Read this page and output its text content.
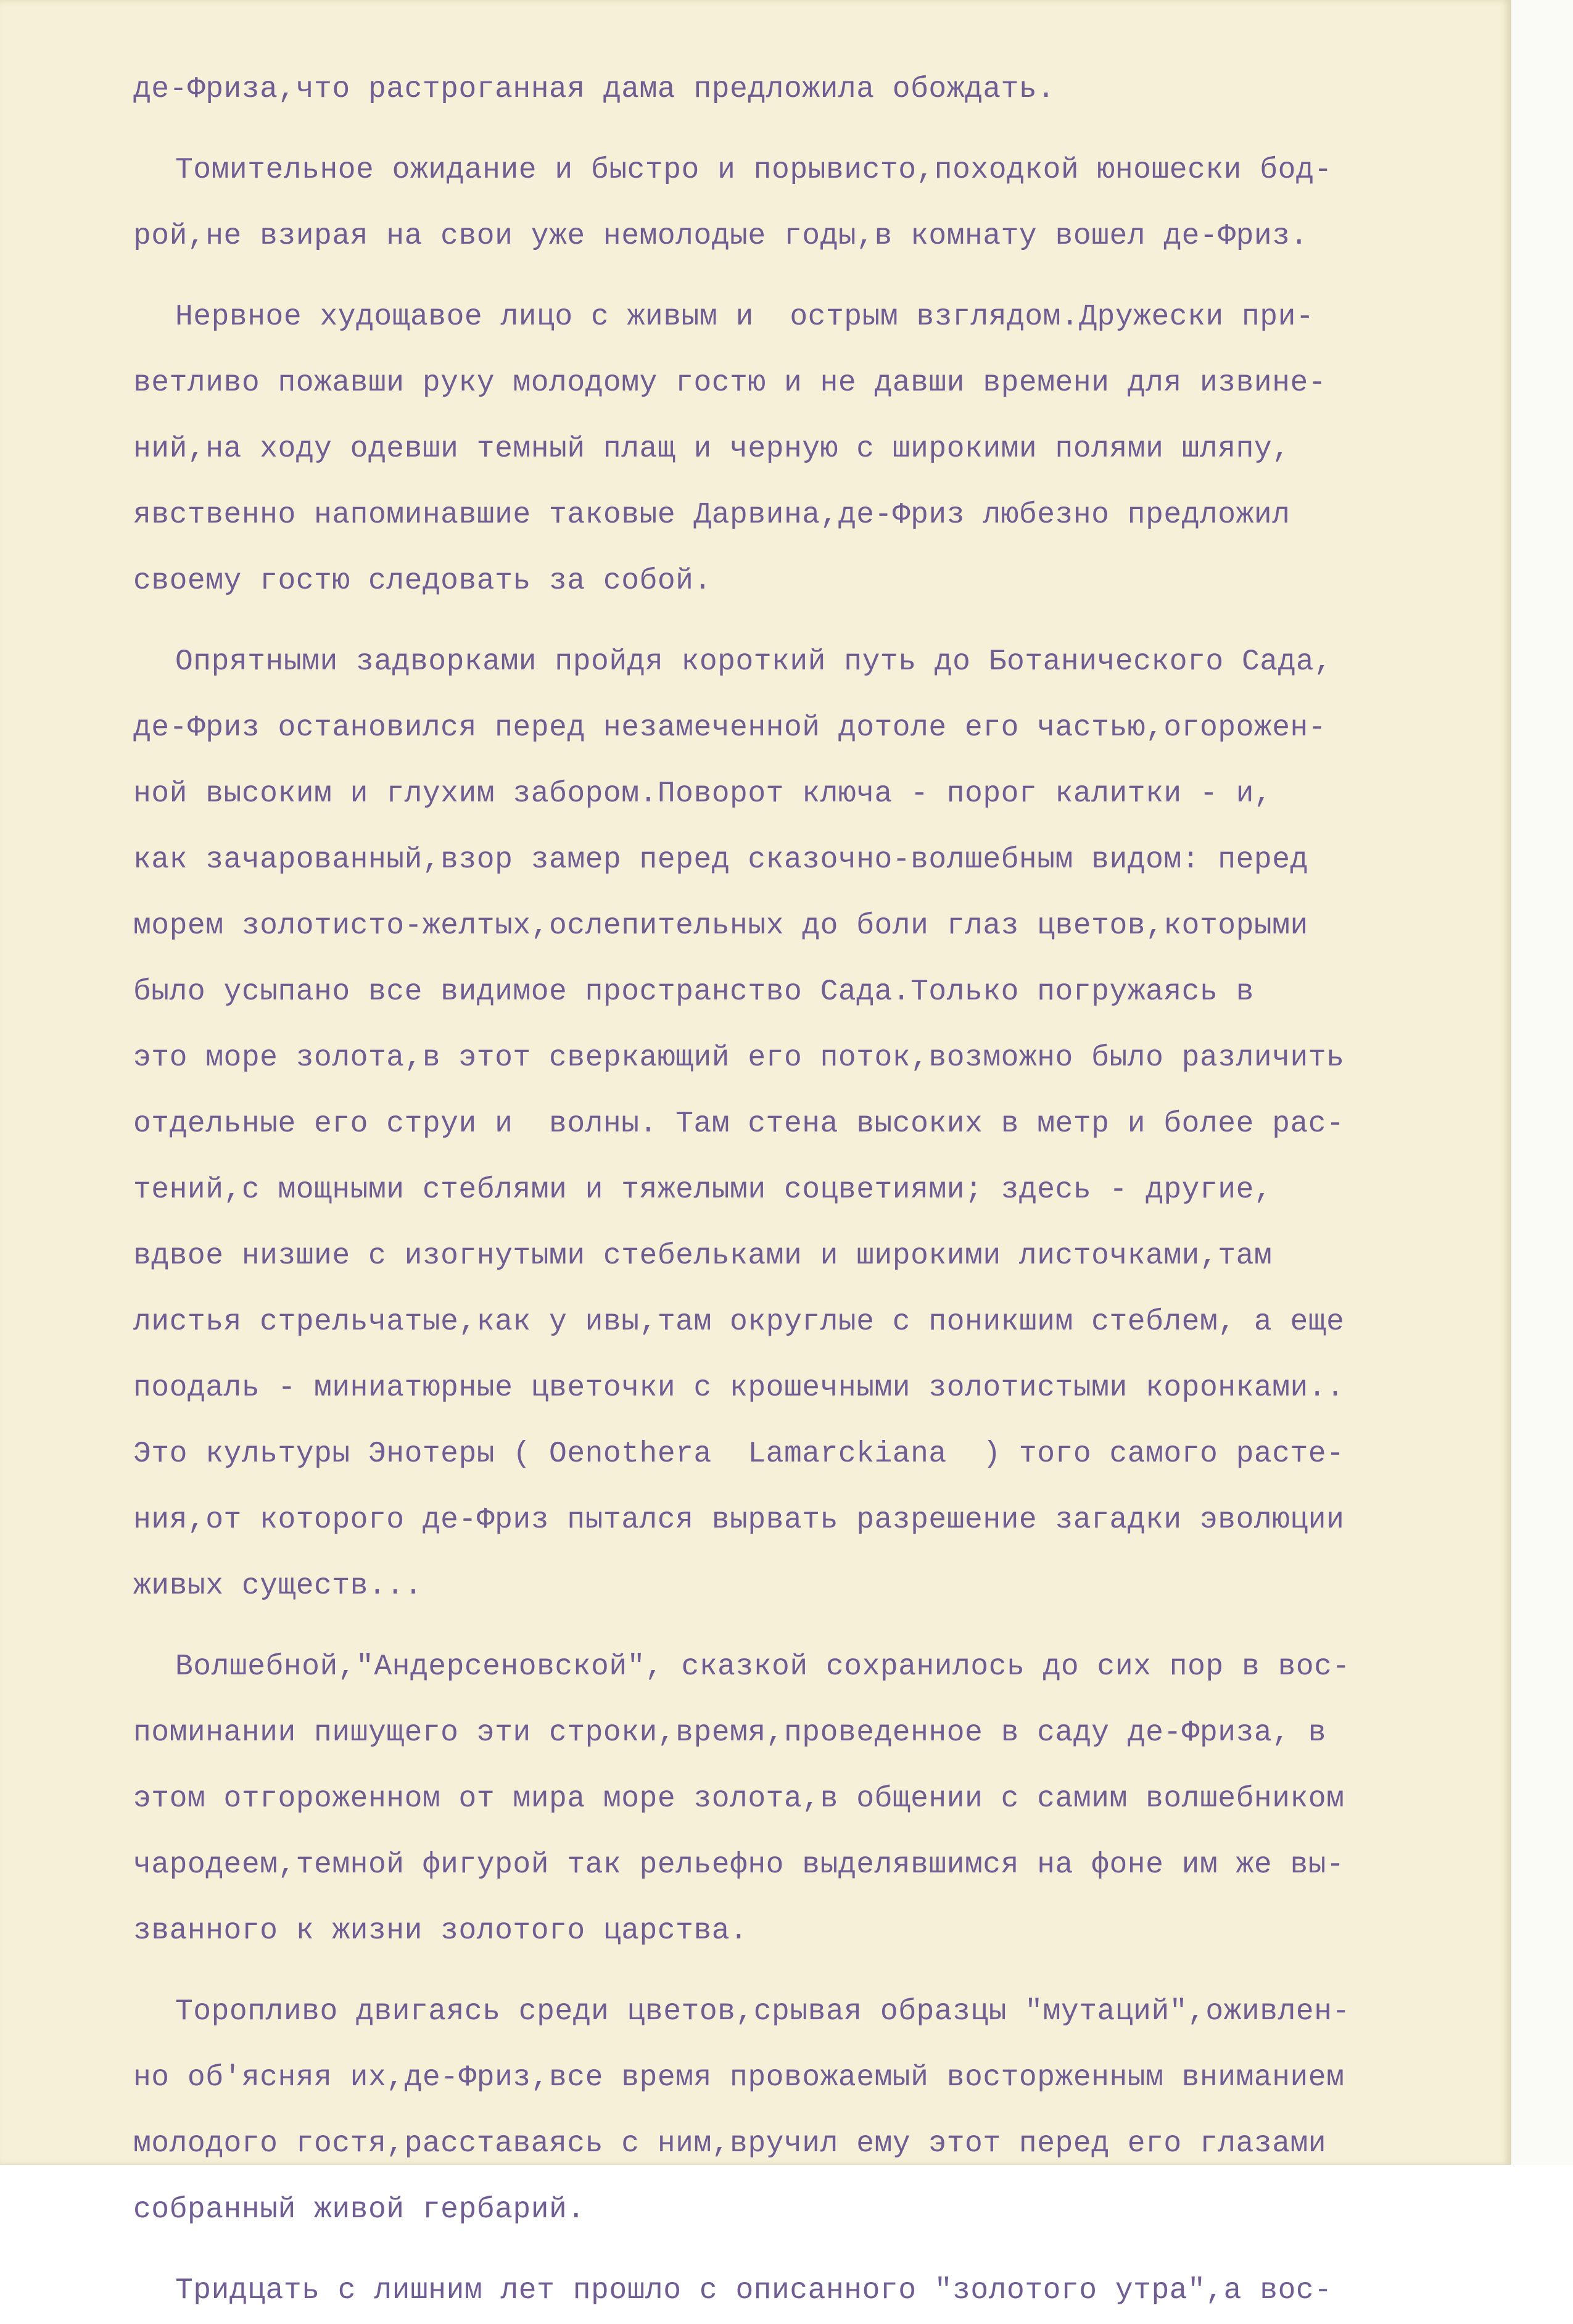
де-Фриза,что растроганная дама предложила обождать.
Томительное ожидание и быстро и порывисто,походкой юношески бод-
рой,не взирая на свои уже немолодые годы,в комнату вошел де-Фриз.
Нервное худощавое лицо с живым и  острым взглядом.Дружески при-
ветливо пожавши руку молодому гостю и не давши времени для извине-
ний,на ходу одевши темный плащ и черную с широкими полями шляпу,
явственно напоминавшие таковые Дарвина,де-Фриз любезно предложил
своему гостю следовать за собой.
Опрятными задворками пройдя короткий путь до Ботанического Сада,
де-Фриз остановился перед незамеченной дотоле его частью,огорожен-
ной высоким и глухим забором.Поворот ключа - порог калитки - и,
как зачарованный,взор замер перед сказочно-волшебным видом: перед
морем золотисто-желтых,ослепительных до боли глаз цветов,которыми
было усыпано все видимое пространство Сада.Только погружаясь в
это море золота,в этот сверкающий его поток,возможно было различить
отдельные его струи и  волны. Там стена высоких в метр и более рас-
тений,с мощными стеблями и тяжелыми соцветиями; здесь - другие,
вдвое низшие с изогнутыми стебельками и широкими листочками,там
листья стрельчатые,как у ивы,там округлые с поникшим стеблем, а еще
поодаль - миниатюрные цветочки с крошечными золотистыми коронками..
Это культуры Энотеры ( Oenothera  Lamarckiana  ) того самого расте-
ния,от которого де-Фриз пытался вырвать разрешение загадки эволюции
живых существ...
Волшебной,"Андерсеновской", сказкой сохранилось до сих пор в вос-
поминании пишущего эти строки,время,проведенное в саду де-Фриза, в
этом отгороженном от мира море золота,в общении с самим волшебником
чародеем,темной фигурой так рельефно выделявшимся на фоне им же вы-
званного к жизни золотого царства.
Торопливо двигаясь среди цветов,срывая образцы "мутаций",оживлен-
но об'ясняя их,де-Фриз,все время провожаемый восторженным вниманием
молодого гостя,расставаясь с ним,вручил ему этот перед его глазами
собранный живой гербарий.
Тридцать с лишним лет прошло с описанного "золотого утра",а вос-
